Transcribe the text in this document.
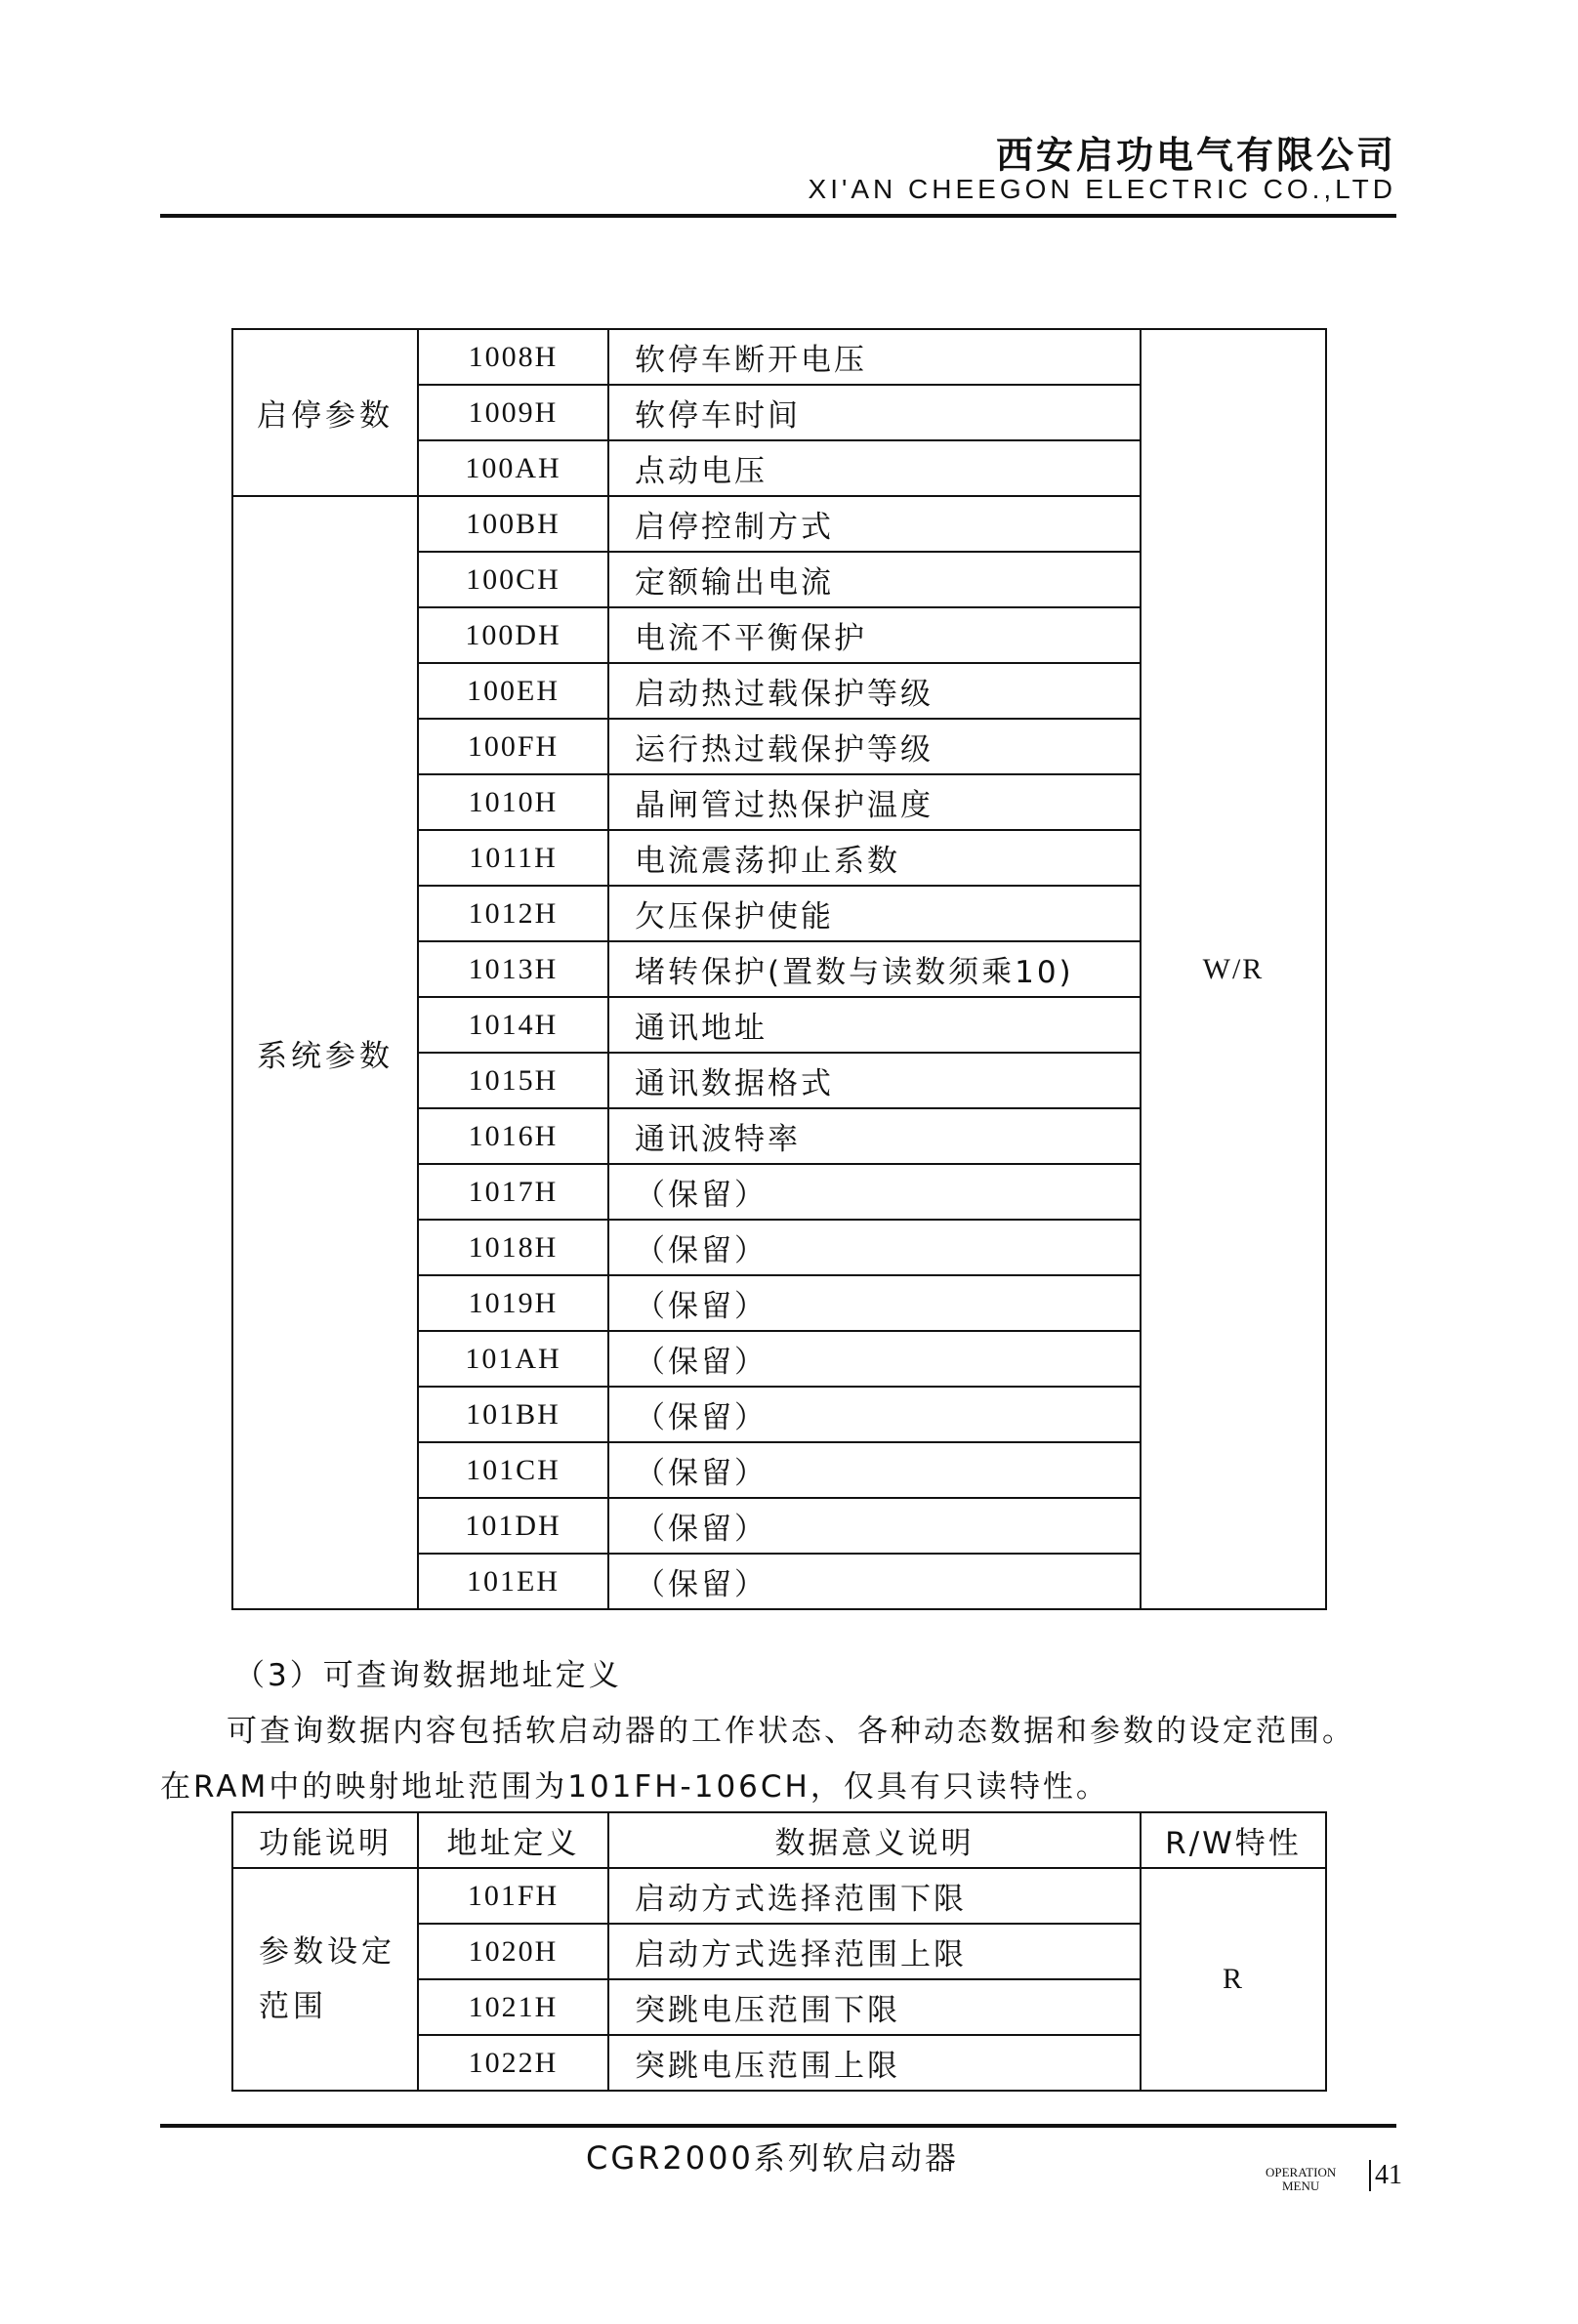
西安启功电气有限公司
XI'AN CHEEGON ELECTRIC CO.,LTD
启停参数	1008H	软停车断开电压	W/R
	1009H	软停车时间	
	100AH	点动电压	
系统参数	100BH	启停控制方式	
	100CH	定额输出电流	
	100DH	电流不平衡保护	
	100EH	启动热过载保护等级	
	100FH	运行热过载保护等级	
	1010H	晶闸管过热保护温度	
	1011H	电流震荡抑止系数	
	1012H	欠压保护使能	
	1013H	堵转保护(置数与读数须乘10)	
	1014H	通讯地址	
	1015H	通讯数据格式	
	1016H	通讯波特率	
	1017H	（保留）	
	1018H	（保留）	
	1019H	（保留）	
	101AH	（保留）	
	101BH	（保留）	
	101CH	（保留）	
	101DH	（保留）	
	101EH	（保留）	
（3）可查询数据地址定义
可查询数据内容包括软启动器的工作状态、各种动态数据和参数的设定范围。
在RAM中的映射地址范围为101FH-106CH，仅具有只读特性。
功能说明	地址定义	数据意义说明	R/W特性

参数设定
范围	101FH	启动方式选择范围下限	R
	1020H	启动方式选择范围上限	
	1021H	突跳电压范围下限	
	1022H	突跳电压范围上限	
CGR2000系列软启动器	OPERATION
MENU	41
